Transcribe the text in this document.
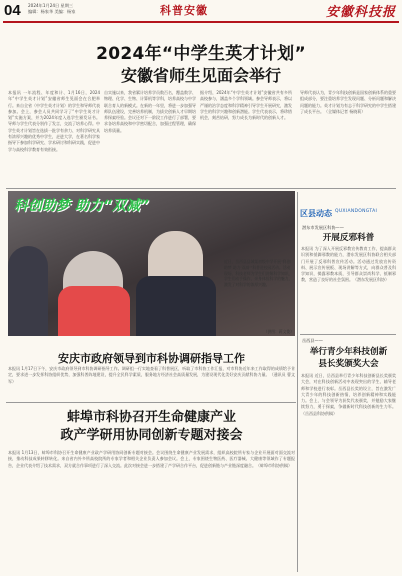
04 2024年1月24日 星期三
编辑：杨家华 美编：杨家	科普安徽	安徽科技报
2024年“中学生英才计划”
安徽省师生见面会举行
本报讯 一年流程、年度和计、1月16日，2024年“中学生英才计划”安徽省师生见面会在合肥举行。来自全省（中学生英才计划）的学生和导师代表参加。会上，参会人员共同学习了“中学生英才计划”实施方案，并为2024年度入选学生颁发证书。导师与学生代表分别作了发言，交流了培养心得。中学生英才计划旨在选拔一批学有余力、对科学研究具有浓厚兴趣的优秀中学生，走进大学，在著名科学家指导下参加科学研究、学术研讨和科研实践，促进中学与高校科学教育有效衔接。
自实施以来，我省累计培养学员数百名，覆盖数学、物理、化学、生物、计算机等学科，培养高校与中学联合育人的新模式。在新的一年里，将进一步加强导师队伍建设，完善培养机制，为拔尖创新人才早期培养探索经验。会议还对下一阶段工作进行了部署，要求各培养高校和中学密切配合，加强过程管理，确保培养质量。
据介绍，2024年“中学生英才计划”安徽省共有多所高校参与，涵盖多个学科领域。参会导师表示，将以严谨的治学态度和科学精神引导学生开展研究，激发学生的科学兴趣和创新潜能。学生代表表示，将珍惜机会，刻苦钻研，努力成长为新时代的创新人才。
导师代表认为，青少年科技创新是国家创新体系的重要组成部分，要注重培养学生发现问题、分析问题和解决问题的能力。英才计划为有志于科学研究的中学生搭建了成长平台。（全媒体记者 杨晓莉）
科创助梦 助力“双减”
近日，岳西县县城某初级中学开展“科创助梦 助力‘双减’”科普进校园活动。活动现场，科技老师为学生们讲解科学知识，学生们动手操作，亲身体验科学的魅力，激发了对科学的浓厚兴趣。
（供图：蒋文俊）
安庆市政府领导到市科协调研指导工作
本报讯 1月17日下午，安庆市政府领导到市科协调研指导工作。调研组一行实地查看了科普展区，听取了市科协工作汇报，对市科协近年来工作取得的成绩给予肯定，要求进一步发挥科协组织优势，加强科普阵地建设，提升全民科学素质，服务地方经济社会高质量发展，为建设现代化美好安庆贡献科协力量。（通讯员 曹文军）
蚌埠市科协召开生命健康产业
政产学研用协同创新专题对接会
本报讯 1月13日，蚌埠市科协召开生命健康产业政产学研用协同创新专题对接会。会议围绕生命健康产业发展需求，组织高校院所专家与企业开展面对面交流对接，推动科技成果转移转化。来自省内外多所高校院所的专家学者和相关企业负责人参加会议。会上，专家围绕生物医药、医疗器械、大健康等领域作了专题报告，企业代表介绍了技术需求，双方就合作事项进行了深入交流。此次对接会进一步搭建了产学研合作平台，促进创新链与产业链深度融合。（蚌埠市科协供稿）
区县动态 QUXIANDONGTAI
潜东市发展区科协——
开展反邪科普
本报讯 为了深入开展反邪教宣传教育工作，提高群众识别和抵御邪教的能力，潜东发展区科协联合相关部门开展了反邪科普宣传活动。活动通过发放宣传资料、展示宣传展板、现场讲解等方式，向群众普及科学知识，揭露邪教本质，引导群众崇尚科学、抵制邪教，营造了良好的社会氛围。（潜东发展区科协）
岳西县——
举行青少年科技创新
县长奖颁奖大会
本报讯 近日，岳西县举行青少年科技创新县长奖颁奖大会，对在科技创新活动中表现突出的学生、辅导老师和学校进行表彰。岳西县长奖的设立，旨在激发广大青少年的科技创新热情，培养创新精神和实践能力。会上，与会领导为获奖代表颁奖，并勉励大家继续努力，勇于探索，争做新时代科技创新的生力军。（岳西县科协供稿）
